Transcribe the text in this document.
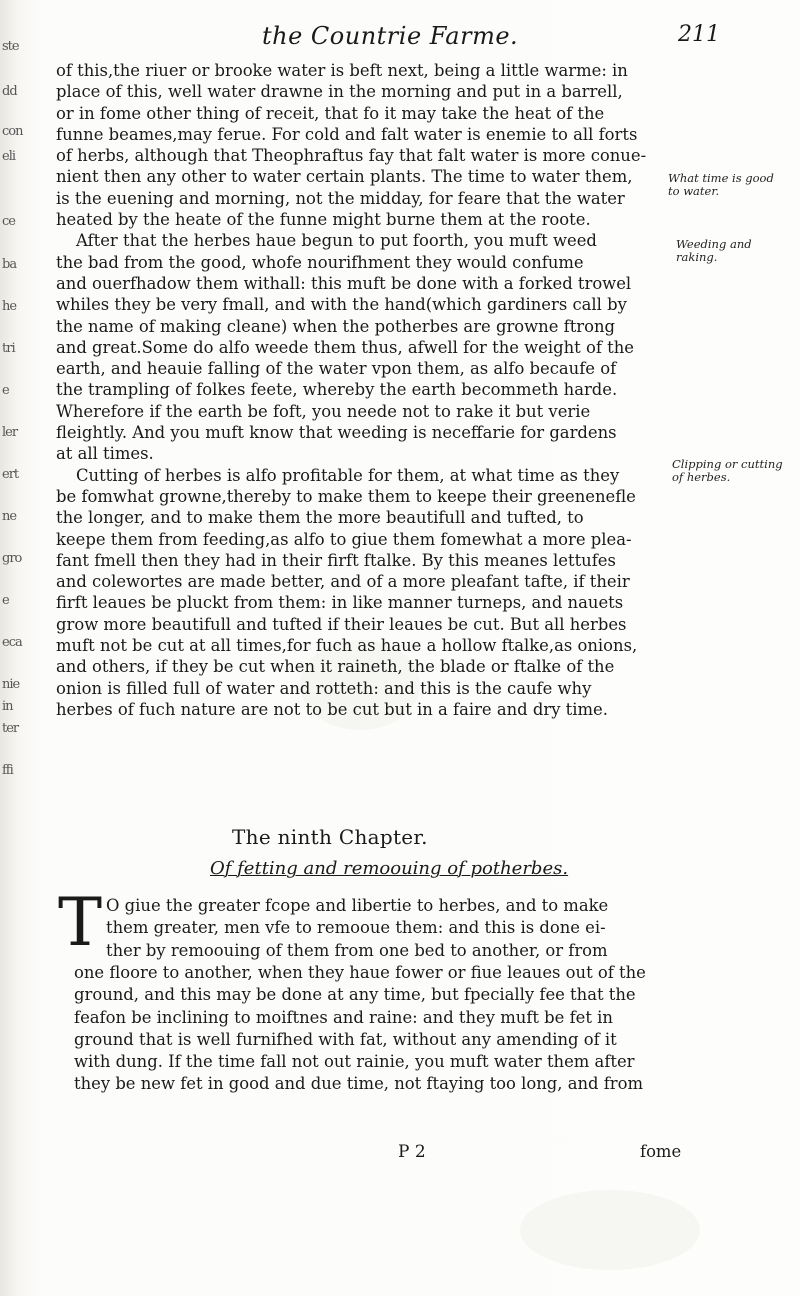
ste
dd
con
eli
ce
ba
he
tri
e
ler
ert
ne
gro
e
eca
nie
in
ter
ffi
the Countrie Farme.	211
of this,the riuer or brooke water is beft next, being a little warme: in
place of this, well water drawne in the morning and put in a barrell,
or in fome other thing of receit, that fo it may take the heat of the
funne beames,may ferue. For cold and falt water is enemie to all forts
of herbs, although that Theophraftus fay that falt water is more conue-
nient then any other to water certain plants. The time to water them,
is the euening and morning, not the midday, for feare that the water
heated by the heate of the funne might burne them at the roote.
After that the herbes haue begun to put foorth, you muft weed
the bad from the good, whofe nourifhment they would confume
and ouerfhadow them withall: this muft be done with a forked trowel
whiles they be very fmall, and with the hand(which gardiners call by
the name of making cleane) when the potherbes are growne ftrong
and great.Some do alfo weede them thus, afwell for the weight of the
earth, and heauie falling of the water vpon them, as alfo becaufe of
the trampling of folkes feete, whereby the earth becommeth harde.
Wherefore if the earth be foft, you neede not to rake it but verie
fleightly. And you muft know that weeding is neceffarie for gardens
at all times.
Cutting of herbes is alfo profitable for them, at what time as they
be fomwhat growne,thereby to make them to keepe their greenenefle
the longer, and to make them the more beautifull and tufted, to
keepe them from feeding,as alfo to giue them fomewhat a more plea-
fant fmell then they had in their firft ftalke. By this meanes lettufes
and colewortes are made better, and of a more pleafant tafte, if their
firft leaues be pluckt from them: in like manner turneps, and nauets
grow more beautifull and tufted if their leaues be cut. But all herbes
muft not be cut at all times,for fuch as haue a hollow ftalke,as onions,
and others, if they be cut when it raineth, the blade or ftalke of the
onion is filled full of water and rotteth: and this is the caufe why
herbes of fuch nature are not to be cut but in a faire and dry time.
What time is good to water.
Weeding and raking.
Clipping or cutting of herbes.
The ninth Chapter.
Of fetting and remoouing of potherbes.
T O giue the greater fcope and libertie to herbes, and to make
them greater, men vfe to remooue them: and this is done ei-
ther by remoouing of them from one bed to another, or from
one floore to another, when they haue fower or fiue leaues out of the
ground, and this may be done at any time, but fpecially fee that the
feafon be inclining to moiftnes and raine: and they muft be fet in
ground that is well furnifhed with fat, without any amending of it
with dung. If the time fall not out rainie, you muft water them after
they be new fet in good and due time, not ftaying too long, and from
P 2	fome
